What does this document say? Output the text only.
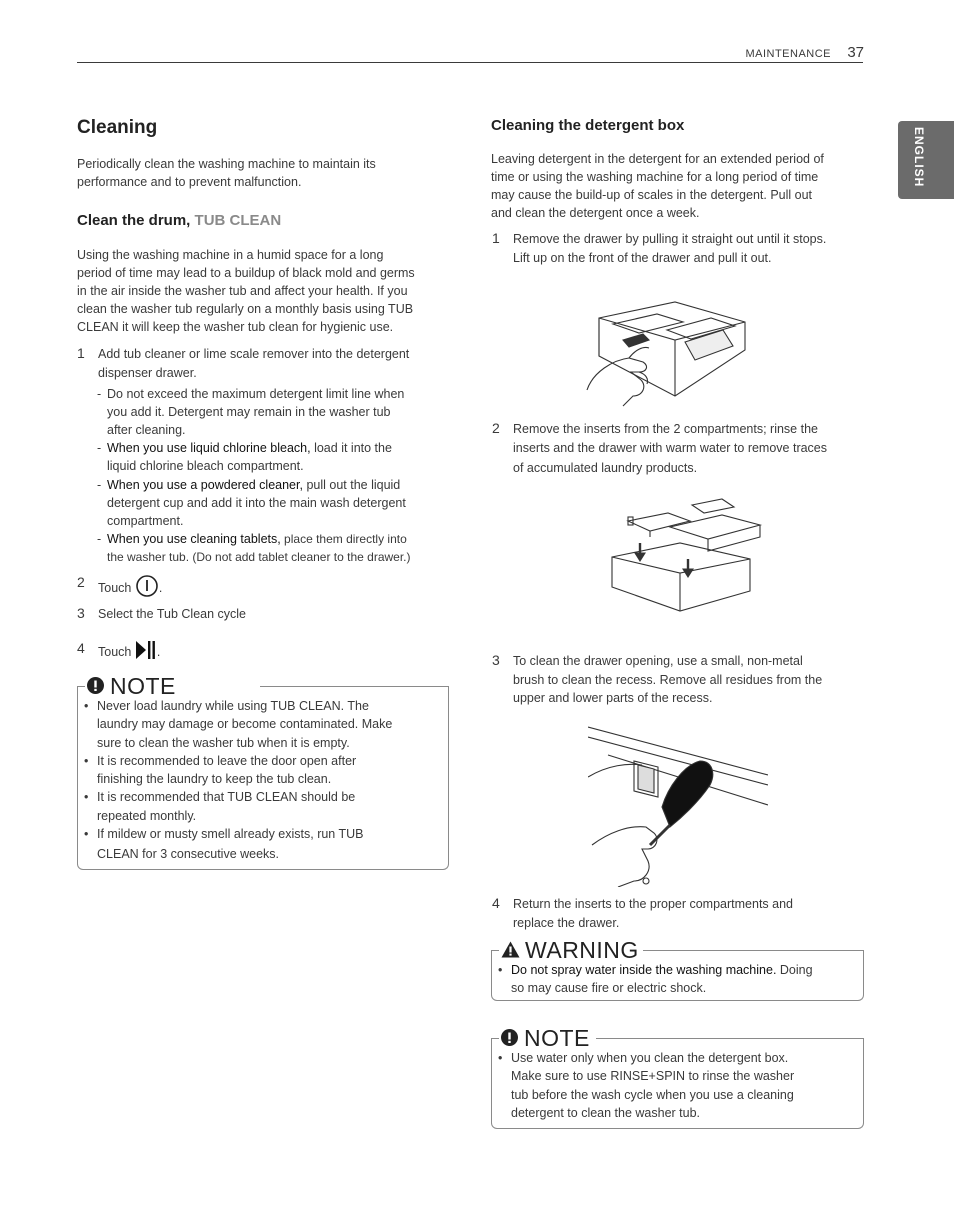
MAINTENANCE 37
ENGLISH
Cleaning
Periodically clean the washing machine to maintain its
performance and to prevent malfunction.
Clean the drum, TUB CLEAN
Using the washing machine in a humid space for a long
period of time may lead to a buildup of black mold and germs
in the air inside the washer tub and affect your health. If you
clean the washer tub regularly on a monthly basis using TUB
CLEAN it will keep the washer tub clean for hygienic use.
1 Add tub cleaner or lime scale remover into the detergent
dispenser drawer.
- Do not exceed the maximum detergent limit line when
you add it. Detergent may remain in the washer tub
after cleaning.
- When you use liquid chlorine bleach, load it into the
liquid chlorine bleach compartment.
- When you use a powdered cleaner, pull out the liquid
detergent cup and add it into the main wash detergent
compartment.
- When you use cleaning tablets, place them directly into
the washer tub. (Do not add tablet cleaner to the drawer.)
2 Touch .
3 Select the Tub Clean cycle
4 Touch .
NOTE
• Never load laundry while using TUB CLEAN. The
laundry may damage or become contaminated. Make
sure to clean the washer tub when it is empty.
• It is recommended to leave the door open after
finishing the laundry to keep the tub clean.
• It is recommended that TUB CLEAN should be
repeated monthly.
• If mildew or musty smell already exists, run TUB
CLEAN for 3 consecutive weeks.
Cleaning the detergent box
Leaving detergent in the detergent for an extended period of
time or using the washing machine for a long period of time
may cause the build-up of scales in the detergent. Pull out
and clean the detergent once a week.
1 Remove the drawer by pulling it straight out until it stops.
Lift up on the front of the drawer and pull it out.
2 Remove the inserts from the 2 compartments; rinse the
inserts and the drawer with warm water to remove traces
of accumulated laundry products.
3 To clean the drawer opening, use a small, non-metal
brush to clean the recess. Remove all residues from the
upper and lower parts of the recess.
4 Return the inserts to the proper compartments and
replace the drawer.
WARNING
• Do not spray water inside the washing machine. Doing
so may cause fire or electric shock.
NOTE
• Use water only when you clean the detergent box.
Make sure to use RINSE+SPIN to rinse the washer
tub before the wash cycle when you use a cleaning
detergent to clean the washer tub.
